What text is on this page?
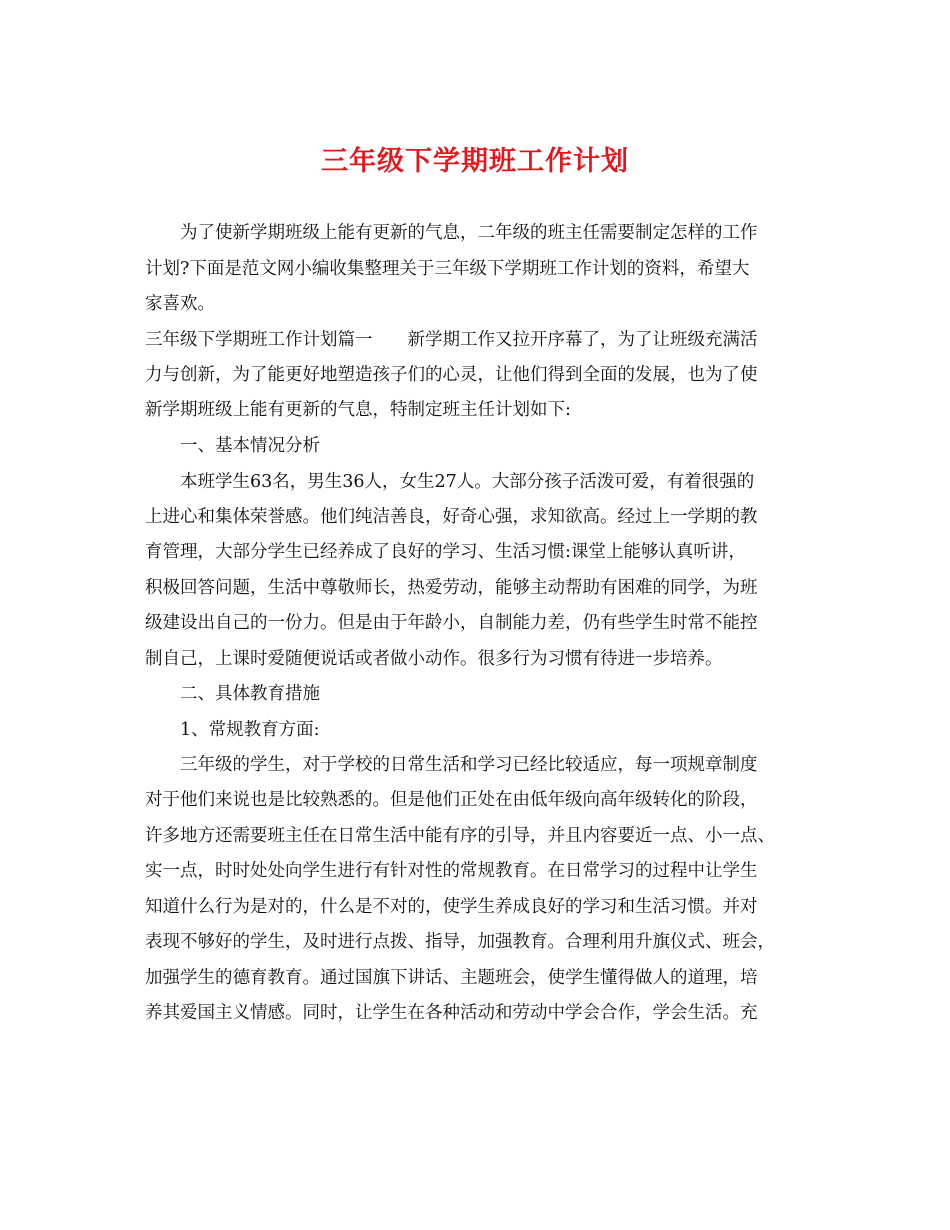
三年级下学期班工作计划
为了使新学期班级上能有更新的气息，二年级的班主任需要制定怎样的工作
计划?下面是范文网小编收集整理关于三年级下学期班工作计划的资料，希望大
家喜欢。
三年级下学期班工作计划篇一　　新学期工作又拉开序幕了，为了让班级充满活
力与创新，为了能更好地塑造孩子们的心灵，让他们得到全面的发展，也为了使
新学期班级上能有更新的气息，特制定班主任计划如下:
一、基本情况分析
本班学生63名，男生36人，女生27人。大部分孩子活泼可爱，有着很强的
上进心和集体荣誉感。他们纯洁善良，好奇心强，求知欲高。经过上一学期的教
育管理，大部分学生已经养成了良好的学习、生活习惯:课堂上能够认真听讲，
积极回答问题，生活中尊敬师长，热爱劳动，能够主动帮助有困难的同学，为班
级建设出自己的一份力。但是由于年龄小，自制能力差，仍有些学生时常不能控
制自己，上课时爱随便说话或者做小动作。很多行为习惯有待进一步培养。
二、具体教育措施
1、常规教育方面:
三年级的学生，对于学校的日常生活和学习已经比较适应，每一项规章制度
对于他们来说也是比较熟悉的。但是他们正处在由低年级向高年级转化的阶段，
许多地方还需要班主任在日常生活中能有序的引导，并且内容要近一点、小一点、
实一点，时时处处向学生进行有针对性的常规教育。在日常学习的过程中让学生
知道什么行为是对的，什么是不对的，使学生养成良好的学习和生活习惯。并对
表现不够好的学生，及时进行点拨、指导，加强教育。合理利用升旗仪式、班会，
加强学生的德育教育。通过国旗下讲话、主题班会，使学生懂得做人的道理，培
养其爱国主义情感。同时，让学生在各种活动和劳动中学会合作，学会生活。充
